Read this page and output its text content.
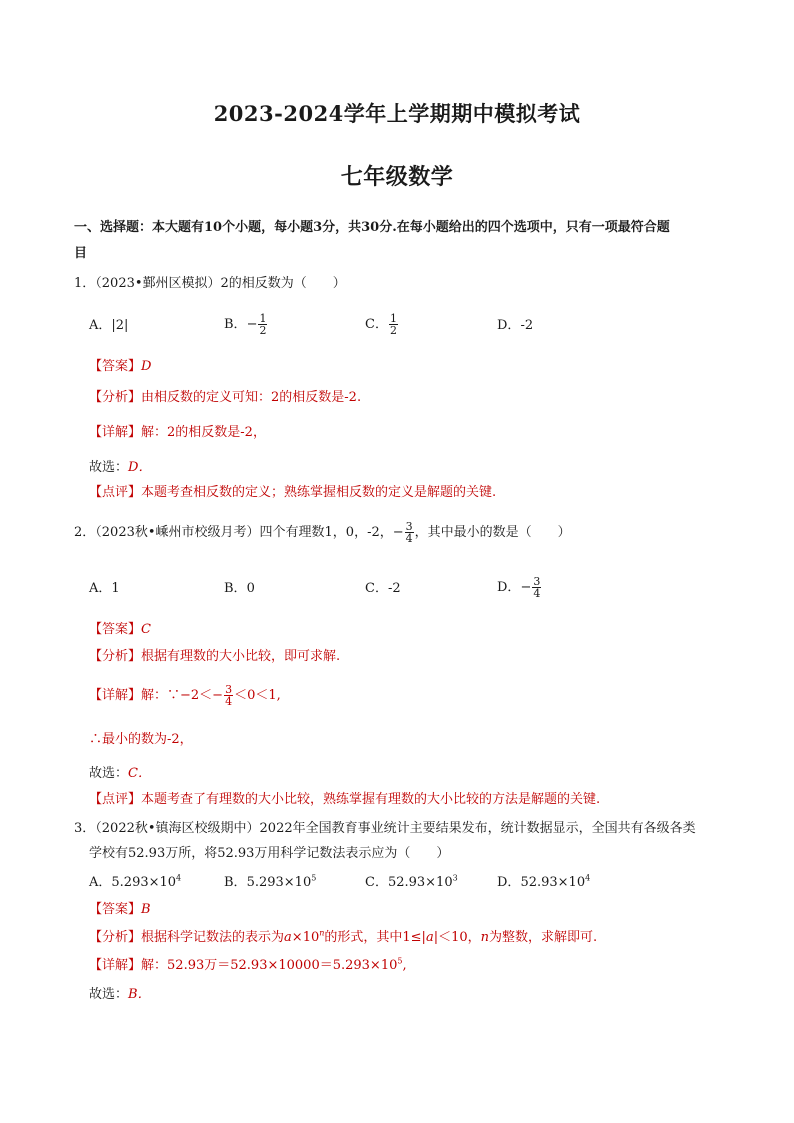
2023-2024学年上学期期中模拟考试
七年级数学
一、选择题：本大题有10个小题，每小题3分，共30分.在每小题给出的四个选项中，只有一项最符合题
目
1．（2023•鄞州区模拟）2的相反数为（　　）
A．|2|	B．− $\frac{1}{2}$	C． $\frac{1}{2}$	D．-2
【答案】D
【分析】由相反数的定义可知：2的相反数是-2.
【详解】解：2的相反数是-2，
故选：D．
【点评】本题考查相反数的定义；熟练掌握相反数的定义是解题的关键.
2．（2023秋•嵊州市校级月考）四个有理数1，0，-2，− $\frac{3}{4}$ ，其中最小的数是（　　）
A．1	B．0	C．-2	D．− $\frac{3}{4}$
【答案】C
【分析】根据有理数的大小比较，即可求解.
【详解】解：∵−2＜− $\frac{3}{4} <0<1$,
∴最小的数为-2，
故选：C．
【点评】本题考查了有理数的大小比较，熟练掌握有理数的大小比较的方法是解题的关键.
3．（2022秋•镇海区校级期中）2022年全国教育事业统计主要结果发布，统计数据显示，全国共有各级各类
学校有52.93万所，将52.93万用科学记数法表示应为（　　）
A．$5.293\times 10^4$	B．$5.293\times 10^5$	C．$52.93\times 10^3$	D．$52.93\times 10^4$
【答案】B
【分析】根据科学记数法的表示为$a\times 10^n$的形式，其中1≤|a|＜10，n为整数，求解即可.
【详解】解：52.93万$=52.93\times 10000=5.293\times 10^5$,
故选：B．
